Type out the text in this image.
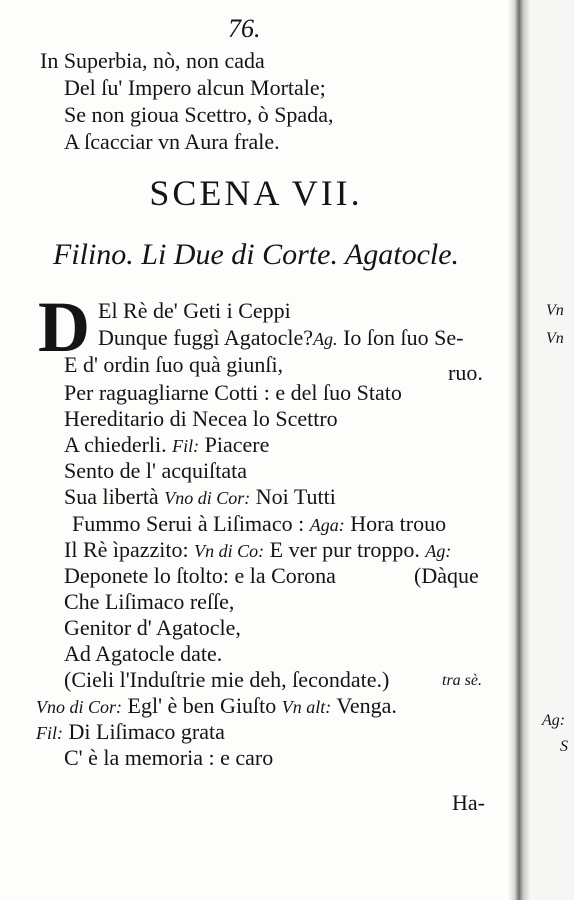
76.
In Superbia, nò, non cada
Del ſu' Impero alcun Mortale;
Se non gioua Scettro, ò Spada,
A ſcacciar vn Aura frale.
SCENA VII.
Filino. Li Due di Corte. Agatocle.
D El Rè de' Geti i Ceppi
Dunque fuggì Agatocle?Ag. Io ſon ſuo Se-
E d' ordin ſuo quà giunſi,	ruo.
Per raguagliarne Cotti : e del ſuo Stato
Hereditario di Necea lo Scettro
A chiederli. Fil: Piacere
Sento de l' acquiſtata
Sua libertà Vno di Cor: Noi Tutti
Fummo Serui à Liſimaco : Aga: Hora trouo
Il Rè ìpazzito: Vn di Co: E ver pur troppo. Ag:
Deponete lo ſtolto: e la Corona	(Dàque
Che Liſimaco reſſe,
Genitor d' Agatocle,
Ad Agatocle date.
(Cieli l'Induſtrie mie deh, ſecondate.)	tra sè.
Vno di Cor: Egl' è ben Giuſto Vn alt: Venga.
Fil: Di Liſimaco grata
C' è la memoria : e caro
Ha-
Vn
Vn
Ag:
S
